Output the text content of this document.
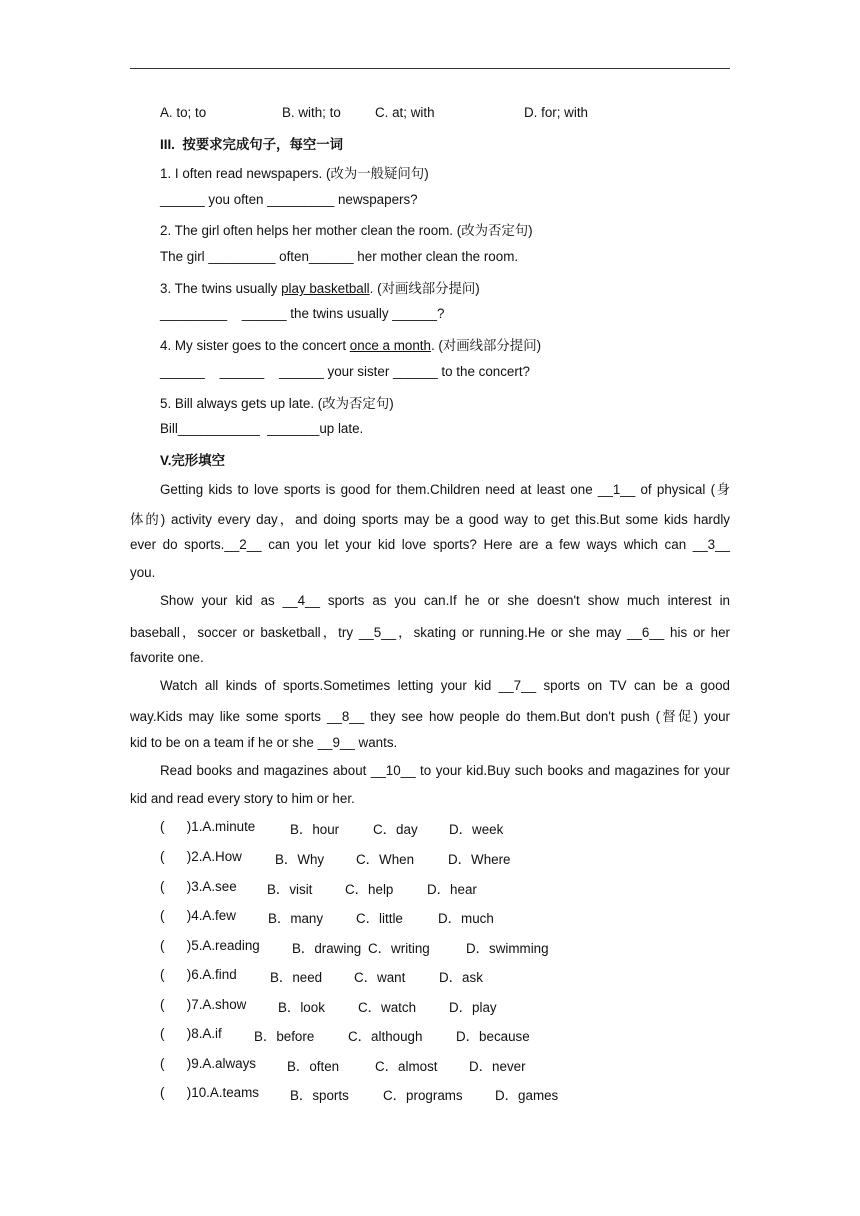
A. to; to	B. with; to	C. at; with	D. for; with
III.  按要求完成句子，每空一词
1. I often read newspapers. (改为一般疑问句)
______ you often _________ newspapers?
2. The girl often helps her mother clean the room. (改为否定句)
The girl _________ often______ her mother clean the room.
3. The twins usually play basketball. (对画线部分提问)
_________    ______ the twins usually ______?
4. My sister goes to the concert once a month. (对画线部分提问)
______    ______    ______ your sister ______ to the concert?
5. Bill always gets up late. (改为否定句)
Bill___________  _______up late.
V.完形填空
Getting kids to love sports is good for them.Children need at least one __1__ of physical (身
体的) activity every day，and doing sports may be a good way to get this.But some kids hardly
ever do sports.__2__ can you let your kid love sports? Here are a few ways which can __3__
you.
Show your kid as __4__ sports as you can.If he or she doesn't show much interest in
baseball，soccer or basketball，try __5__，skating or running.He or she may __6__ his or her
favorite one.
Watch all kinds of sports.Sometimes letting your kid __7__ sports on TV can be a good
way.Kids may like some sports __8__ they see how people do them.But don't push (督促) your
kid to be on a team if he or she __9__ wants.
Read books and magazines about __10__ to your kid.Buy such books and magazines for your
kid and read every story to him or her.
(      )1.A.minute	B．hour	C．day D．week
(      )2.A.How B．Why C．When	D．Where
(      )3.A.see B．visit C．help	D．hear
(      )4.A.few B．many C．little	D．much
(      )5.A.reading B．drawing C．writing	D．swimming
(      )6.A.find B．need C．want	D．ask
(      )7.A.show B．look C．watch D．play
(      )8.A.if B．before	C．although	D．because
(      )9.A.always B．often	C．almost D．never
(      )10.A.teams B．sports	C．programs D．games
